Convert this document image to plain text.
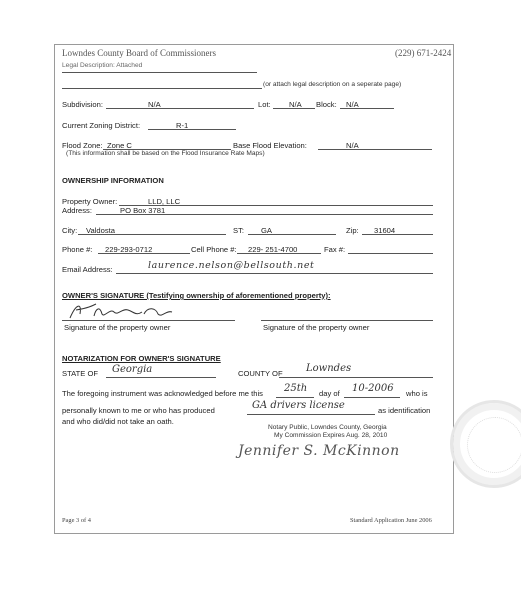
Lowndes County Board of Commissioners	(229) 671-2424
Legal Description: Attached
(or attach legal description on a seperate page)
Subdivision:	N/A	Lot: N/A Block: N/A
Current Zoning District:	R-1
Flood Zone: Zone C	Base Flood Elevation:	N/A
(This information shall be based on the Flood Insurance Rate Maps)
OWNERSHIP INFORMATION
Property Owner:	LLD, LLC
Address:	PO Box 3781
City: Valdosta	ST: GA	Zip: 31604
Phone #: 229-293-0712	Cell Phone #: 229- 251-4700	Fax #:
Email Address:	laurence.nelson@bellsouth.net
OWNER'S SIGNATURE (Testifying ownership of aforementioned property):
Signature of the property owner	Signature of the property owner
NOTARIZATION FOR OWNER'S SIGNATURE
STATE OF Georgia	COUNTY OF Lowndes
The foregoing instrument was acknowledged before me this 25th day of 10-2006 who is
personally known to me or who has produced	GA drivers license	as identification
and who did/did not take an oath.
Notary Public, Lowndes County, Georgia
My Commission Expires Aug. 28, 2010
Jennifer S. McKinnon
Page 3 of 4	Standard Application June 2006
